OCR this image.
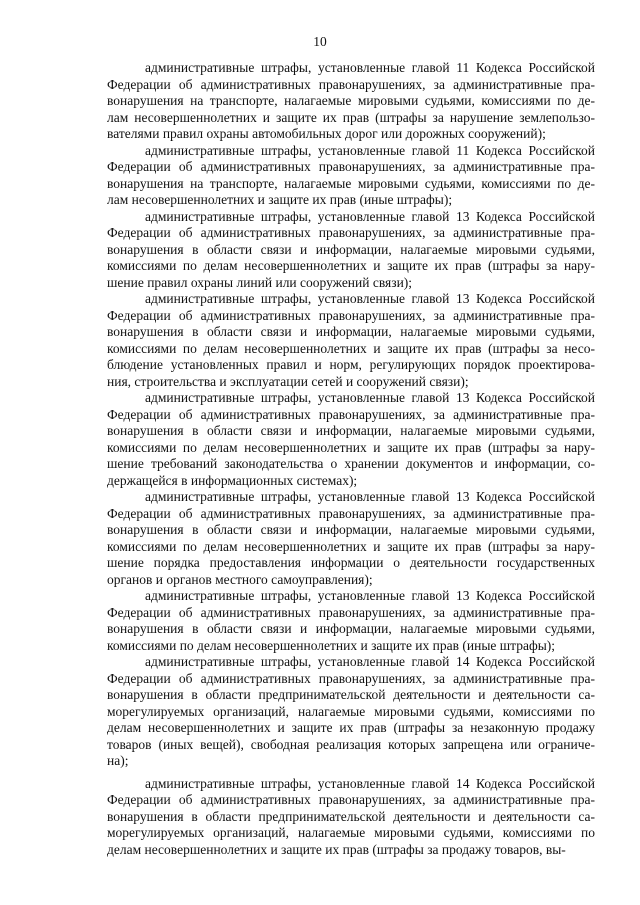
10
административные штрафы, установленные главой 11 Кодекса Российской
Федерации об административных правонарушениях, за административные пра-
вонарушения на транспорте, налагаемые мировыми судьями, комиссиями по де-
лам несовершеннолетних и защите их прав (штрафы за нарушение землепользо-
вателями правил охраны автомобильных дорог или дорожных сооружений);
административные штрафы, установленные главой 11 Кодекса Российской
Федерации об административных правонарушениях, за административные пра-
вонарушения на транспорте, налагаемые мировыми судьями, комиссиями по де-
лам несовершеннолетних и защите их прав (иные штрафы);
административные штрафы, установленные главой 13 Кодекса Российской
Федерации об административных правонарушениях, за административные пра-
вонарушения в области связи и информации, налагаемые мировыми судьями,
комиссиями по делам несовершеннолетних и защите их прав (штрафы за нару-
шение правил охраны линий или сооружений связи);
административные штрафы, установленные главой 13 Кодекса Российской
Федерации об административных правонарушениях, за административные пра-
вонарушения в области связи и информации, налагаемые мировыми судьями,
комиссиями по делам несовершеннолетних и защите их прав (штрафы за несо-
блюдение установленных правил и норм, регулирующих порядок проектирова-
ния, строительства и эксплуатации сетей и сооружений связи);
административные штрафы, установленные главой 13 Кодекса Российской
Федерации об административных правонарушениях, за административные пра-
вонарушения в области связи и информации, налагаемые мировыми судьями,
комиссиями по делам несовершеннолетних и защите их прав (штрафы за нару-
шение требований законодательства о хранении документов и информации, со-
держащейся в информационных системах);
административные штрафы, установленные главой 13 Кодекса Российской
Федерации об административных правонарушениях, за административные пра-
вонарушения в области связи и информации, налагаемые мировыми судьями,
комиссиями по делам несовершеннолетних и защите их прав (штрафы за нару-
шение порядка предоставления информации о деятельности государственных
органов и органов местного самоуправления);
административные штрафы, установленные главой 13 Кодекса Российской
Федерации об административных правонарушениях, за административные пра-
вонарушения в области связи и информации, налагаемые мировыми судьями,
комиссиями по делам несовершеннолетних и защите их прав (иные штрафы);
административные штрафы, установленные главой 14 Кодекса Российской
Федерации об административных правонарушениях, за административные пра-
вонарушения в области предпринимательской деятельности и деятельности са-
морегулируемых организаций, налагаемые мировыми судьями, комиссиями по
делам несовершеннолетних и защите их прав (штрафы за незаконную продажу
товаров (иных вещей), свободная реализация которых запрещена или ограниче-
на);
административные штрафы, установленные главой 14 Кодекса Российской
Федерации об административных правонарушениях, за административные пра-
вонарушения в области предпринимательской деятельности и деятельности са-
морегулируемых организаций, налагаемые мировыми судьями, комиссиями по
делам несовершеннолетних и защите их прав (штрафы за продажу товаров, вы-
